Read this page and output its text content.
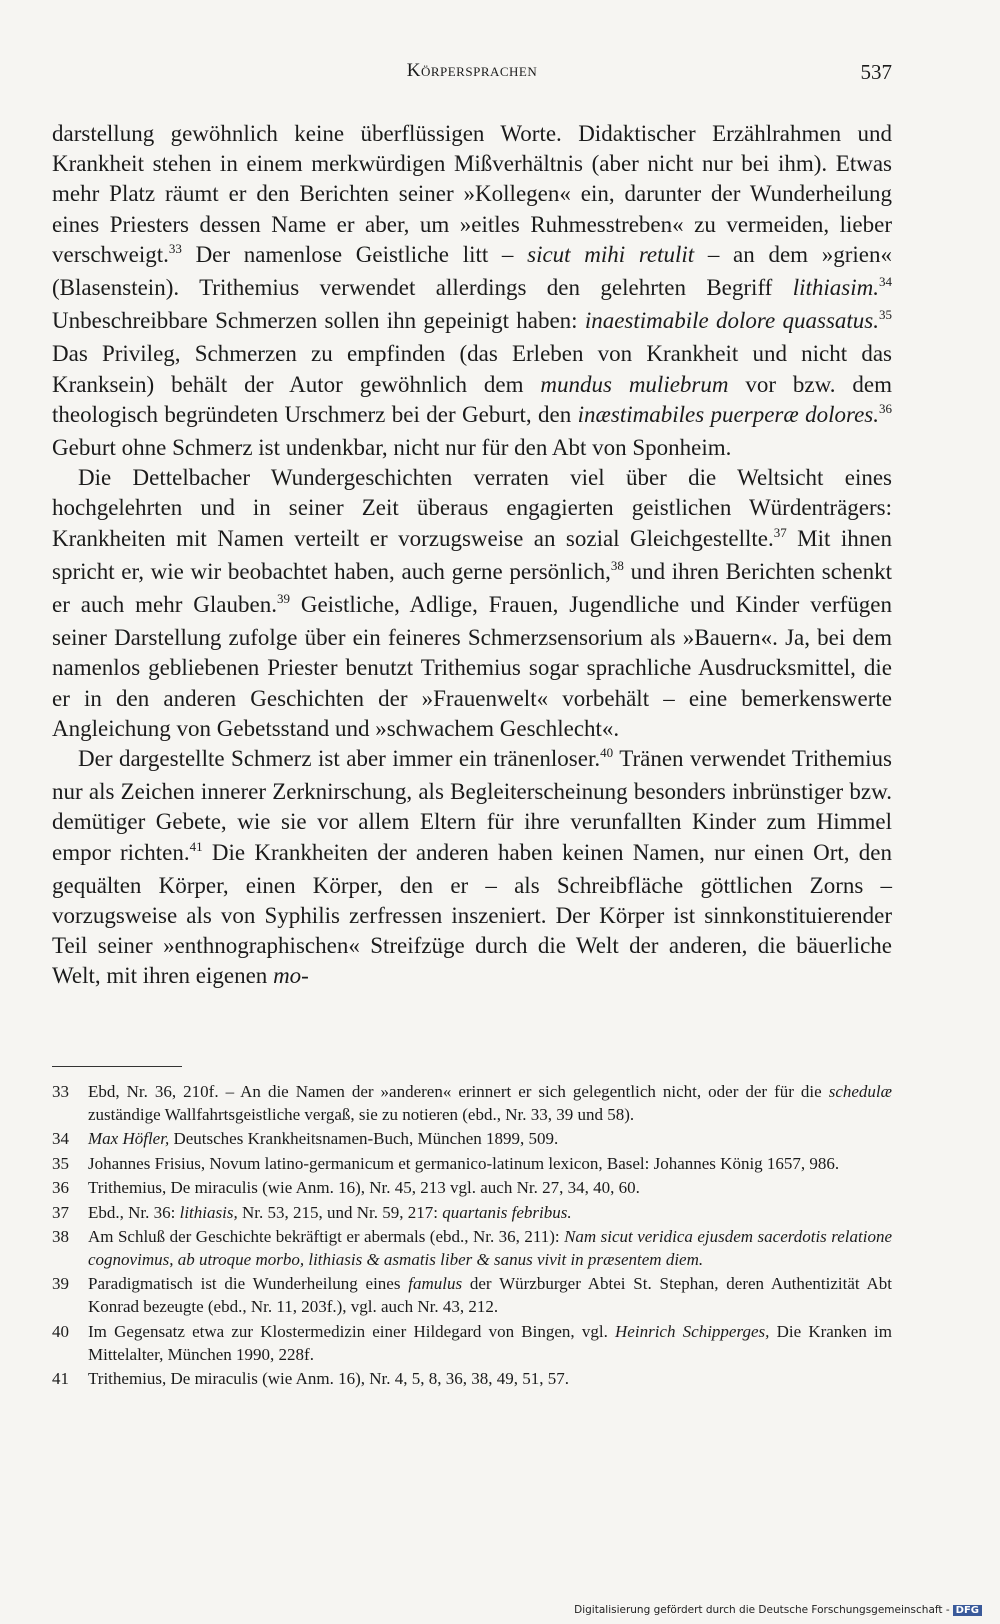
Körpersprachen	537

darstellung gewöhnlich keine überflüssigen Worte. Didaktischer Erzählrahmen und Krankheit stehen in einem merkwürdigen Mißverhältnis (aber nicht nur bei ihm). Etwas mehr Platz räumt er den Berichten seiner »Kollegen« ein, darunter der Wunderheilung eines Priesters dessen Name er aber, um »eitles Ruhmesstreben« zu vermeiden, lieber verschweigt.$^{33}$ Der namenlose Geistliche litt – sicut mihi retulit – an dem »grien« (Blasenstein). Trithemius verwendet allerdings den gelehrten Begriff lithiasim.$^{34}$ Unbeschreibbare Schmerzen sollen ihn gepeinigt haben: inaestimabile dolore quassatus.$^{35}$ Das Privileg, Schmerzen zu empfinden (das Erleben von Krankheit und nicht das Kranksein) behält der Autor gewöhnlich dem mundus muliebrum vor bzw. dem theologisch begründeten Urschmerz bei der Geburt, den inæstimabiles puerperæ dolores.$^{36}$ Geburt ohne Schmerz ist undenkbar, nicht nur für den Abt von Sponheim.

Die Dettelbacher Wundergeschichten verraten viel über die Weltsicht eines hochgelehrten und in seiner Zeit überaus engagierten geistlichen Würdenträgers: Krankheiten mit Namen verteilt er vorzugsweise an sozial Gleichgestellte.$^{37}$ Mit ihnen spricht er, wie wir beobachtet haben, auch gerne persönlich,$^{38}$ und ihren Berichten schenkt er auch mehr Glauben.$^{39}$ Geistliche, Adlige, Frauen, Jugendliche und Kinder verfügen seiner Darstellung zufolge über ein feineres Schmerzsensorium als »Bauern«. Ja, bei dem namenlos gebliebenen Priester benutzt Trithemius sogar sprachliche Ausdrucksmittel, die er in den anderen Geschichten der »Frauenwelt« vorbehält – eine bemerkenswerte Angleichung von Gebetsstand und »schwachem Geschlecht«.

Der dargestellte Schmerz ist aber immer ein tränenloser.$^{40}$ Tränen verwendet Trithemius nur als Zeichen innerer Zerknirschung, als Begleiterscheinung besonders inbrünstiger bzw. demütiger Gebete, wie sie vor allem Eltern für ihre verunfallten Kinder zum Himmel empor richten.$^{41}$ Die Krankheiten der anderen haben keinen Namen, nur einen Ort, den gequälten Körper, einen Körper, den er – als Schreibfläche göttlichen Zorns – vorzugsweise als von Syphilis zerfressen inszeniert. Der Körper ist sinnkonstituierender Teil seiner »enthnographischen« Streifzüge durch die Welt der anderen, die bäuerliche Welt, mit ihren eigenen mo-

33 Ebd, Nr. 36, 210f. – An die Namen der »anderen« erinnert er sich gelegentlich nicht, oder der für die schedulæ zuständige Wallfahrtsgeistliche vergaß, sie zu notieren (ebd., Nr. 33, 39 und 58).
34 Max Höfler, Deutsches Krankheitsnamen-Buch, München 1899, 509.
35 Johannes Frisius, Novum latino-germanicum et germanico-latinum lexicon, Basel: Johannes König 1657, 986.
36 Trithemius, De miraculis (wie Anm. 16), Nr. 45, 213 vgl. auch Nr. 27, 34, 40, 60.
37 Ebd., Nr. 36: lithiasis, Nr. 53, 215, und Nr. 59, 217: quartanis febribus.
38 Am Schluß der Geschichte bekräftigt er abermals (ebd., Nr. 36, 211): Nam sicut veridica ejusdem sacerdotis relatione cognovimus, ab utroque morbo, lithiasis & asmatis liber & sanus vivit in præsentem diem.
39 Paradigmatisch ist die Wunderheilung eines famulus der Würzburger Abtei St. Stephan, deren Authentizität Abt Konrad bezeugte (ebd., Nr. 11, 203f.), vgl. auch Nr. 43, 212.
40 Im Gegensatz etwa zur Klostermedizin einer Hildegard von Bingen, vgl. Heinrich Schipperges, Die Kranken im Mittelalter, München 1990, 228f.
41 Trithemius, De miraculis (wie Anm. 16), Nr. 4, 5, 8, 36, 38, 49, 51, 57.
Digitalisierung gefördert durch die Deutsche Forschungsgemeinschaft - DFG
